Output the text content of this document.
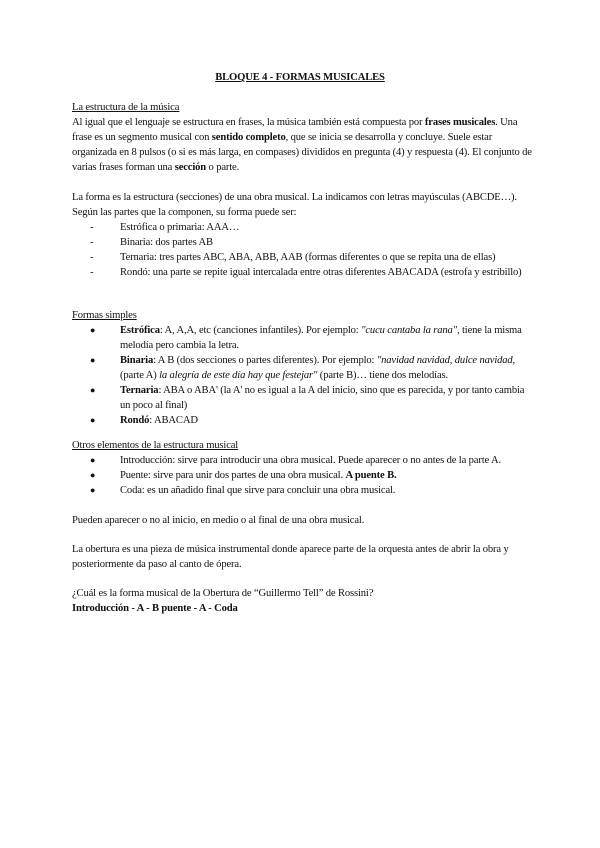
BLOQUE 4 - FORMAS MUSICALES

La estructura de la música

Al igual que el lenguaje se estructura en frases, la música también está compuesta por frases musicales. Una frase es un segmento musical con sentido completo, que se inicia se desarrolla y concluye. Suele estar organizada en 8 pulsos (o si es más larga, en compases) divididos en pregunta (4) y respuesta (4). El conjunto de varias frases forman una sección o parte.

La forma es la estructura (secciones) de una obra musical. La indicamos con letras mayúsculas (ABCDE…). Según las partes que la componen, su forma puede ser:

-	Estrófica o primaria: AAA…
-	Binaria: dos partes AB
-	Ternaria: tres partes ABC, ABA, ABB, AAB (formas diferentes o que se repita una de ellas)
-	Rondó: una parte se repite igual intercalada entre otras diferentes ABACADA (estrofa y estribillo)

Formas simples

● Estrófica: A, A,A, etc (canciones infantiles). Por ejemplo: "cucu cantaba la rana", tiene la misma melodía pero cambia la letra.
● Binaria: A B (dos secciones o partes diferentes). Por ejemplo: "navidad navidad, dulce navidad, (parte A) la alegría de este día hay que festejar" (parte B)… tiene dos melodías.
● Ternaria: ABA o ABA' (la A' no es igual a la A del inicio, sino que es parecida, y por tanto cambia un poco al final)
● Rondó: ABACAD

Otros elementos de la estructura musical

● Introducción: sirve para introducir una obra musical. Puede aparecer o no antes de la parte A.
● Puente: sirve para unir dos partes de una obra musical. A puente B.
● Coda: es un añadido final que sirve para concluir una obra musical.

Pueden aparecer o no al inicio, en medio o al final de una obra musical.

La obertura es una pieza de música instrumental donde aparece parte de la orquesta antes de abrir la obra y posteriormente da paso al canto de ópera.

¿Cuál es la forma musical de la Obertura de “Guillermo Tell” de Rossini?

Introducción - A - B puente - A - Coda
